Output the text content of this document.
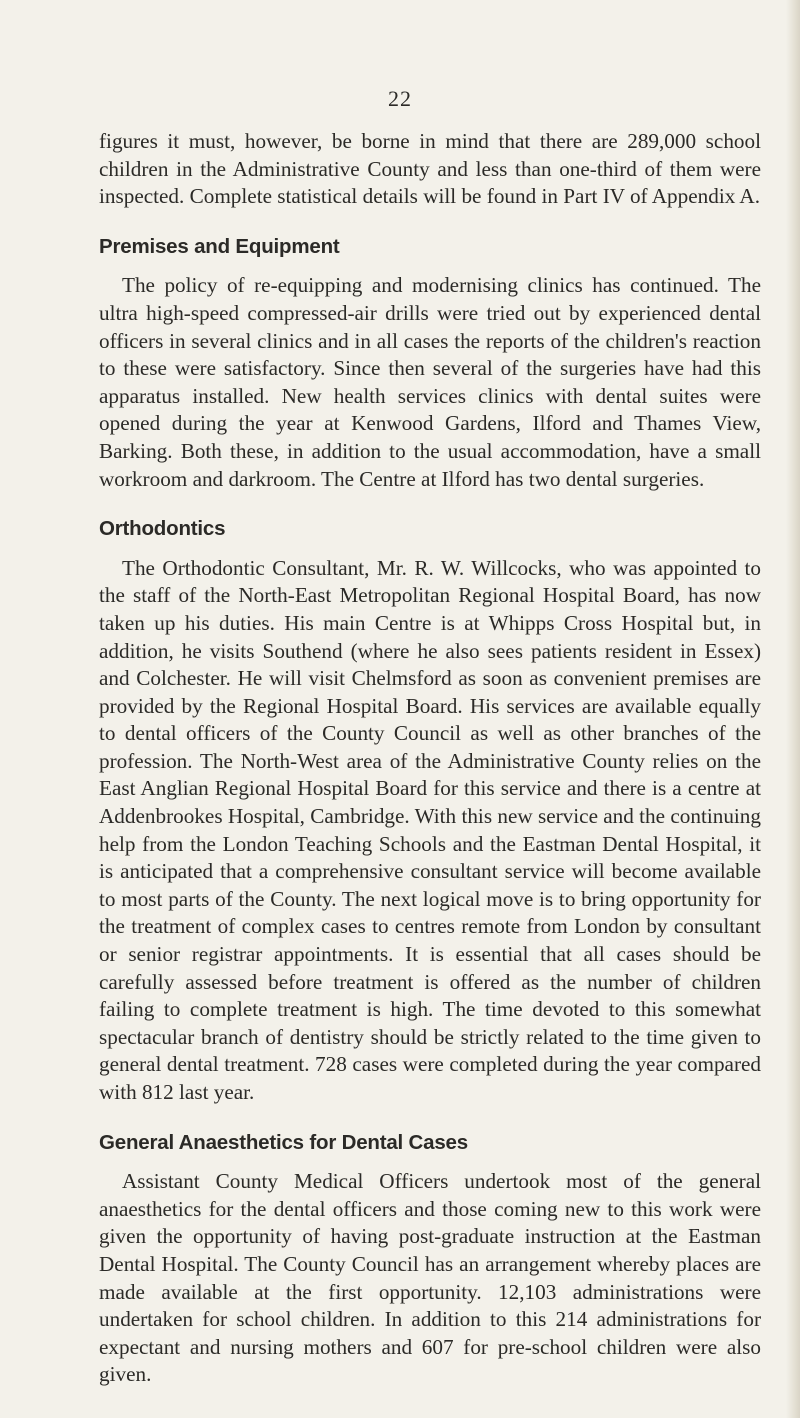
22

figures it must, however, be borne in mind that there are 289,000 school children in the Administrative County and less than one-third of them were inspected. Complete statistical details will be found in Part IV of Appendix A.

Premises and Equipment

The policy of re-equipping and modernising clinics has continued. The ultra high-speed compressed-air drills were tried out by experienced dental officers in several clinics and in all cases the reports of the children's reaction to these were satisfactory. Since then several of the surgeries have had this apparatus installed. New health services clinics with dental suites were opened during the year at Kenwood Gardens, Ilford and Thames View, Barking. Both these, in addition to the usual accommodation, have a small workroom and darkroom. The Centre at Ilford has two dental surgeries.

Orthodontics

The Orthodontic Consultant, Mr. R. W. Willcocks, who was appointed to the staff of the North-East Metropolitan Regional Hospital Board, has now taken up his duties. His main Centre is at Whipps Cross Hospital but, in addition, he visits Southend (where he also sees patients resident in Essex) and Colchester. He will visit Chelmsford as soon as convenient premises are provided by the Regional Hospital Board. His services are available equally to dental officers of the County Council as well as other branches of the profession. The North-West area of the Administrative County relies on the East Anglian Regional Hospital Board for this service and there is a centre at Addenbrookes Hospital, Cambridge. With this new service and the continuing help from the London Teaching Schools and the Eastman Dental Hospital, it is anticipated that a comprehensive consultant service will become available to most parts of the County. The next logical move is to bring opportunity for the treatment of complex cases to centres remote from London by consultant or senior registrar appointments. It is essential that all cases should be carefully assessed before treatment is offered as the number of children failing to complete treatment is high. The time devoted to this somewhat spectacular branch of dentistry should be strictly related to the time given to general dental treatment. 728 cases were completed during the year compared with 812 last year.

General Anaesthetics for Dental Cases

Assistant County Medical Officers undertook most of the general anaesthetics for the dental officers and those coming new to this work were given the opportunity of having post-graduate instruction at the Eastman Dental Hospital. The County Council has an arrangement whereby places are made available at the first opportunity. 12,103 administrations were undertaken for school children. In addition to this 214 administrations for expectant and nursing mothers and 607 for pre-school children were also given.
